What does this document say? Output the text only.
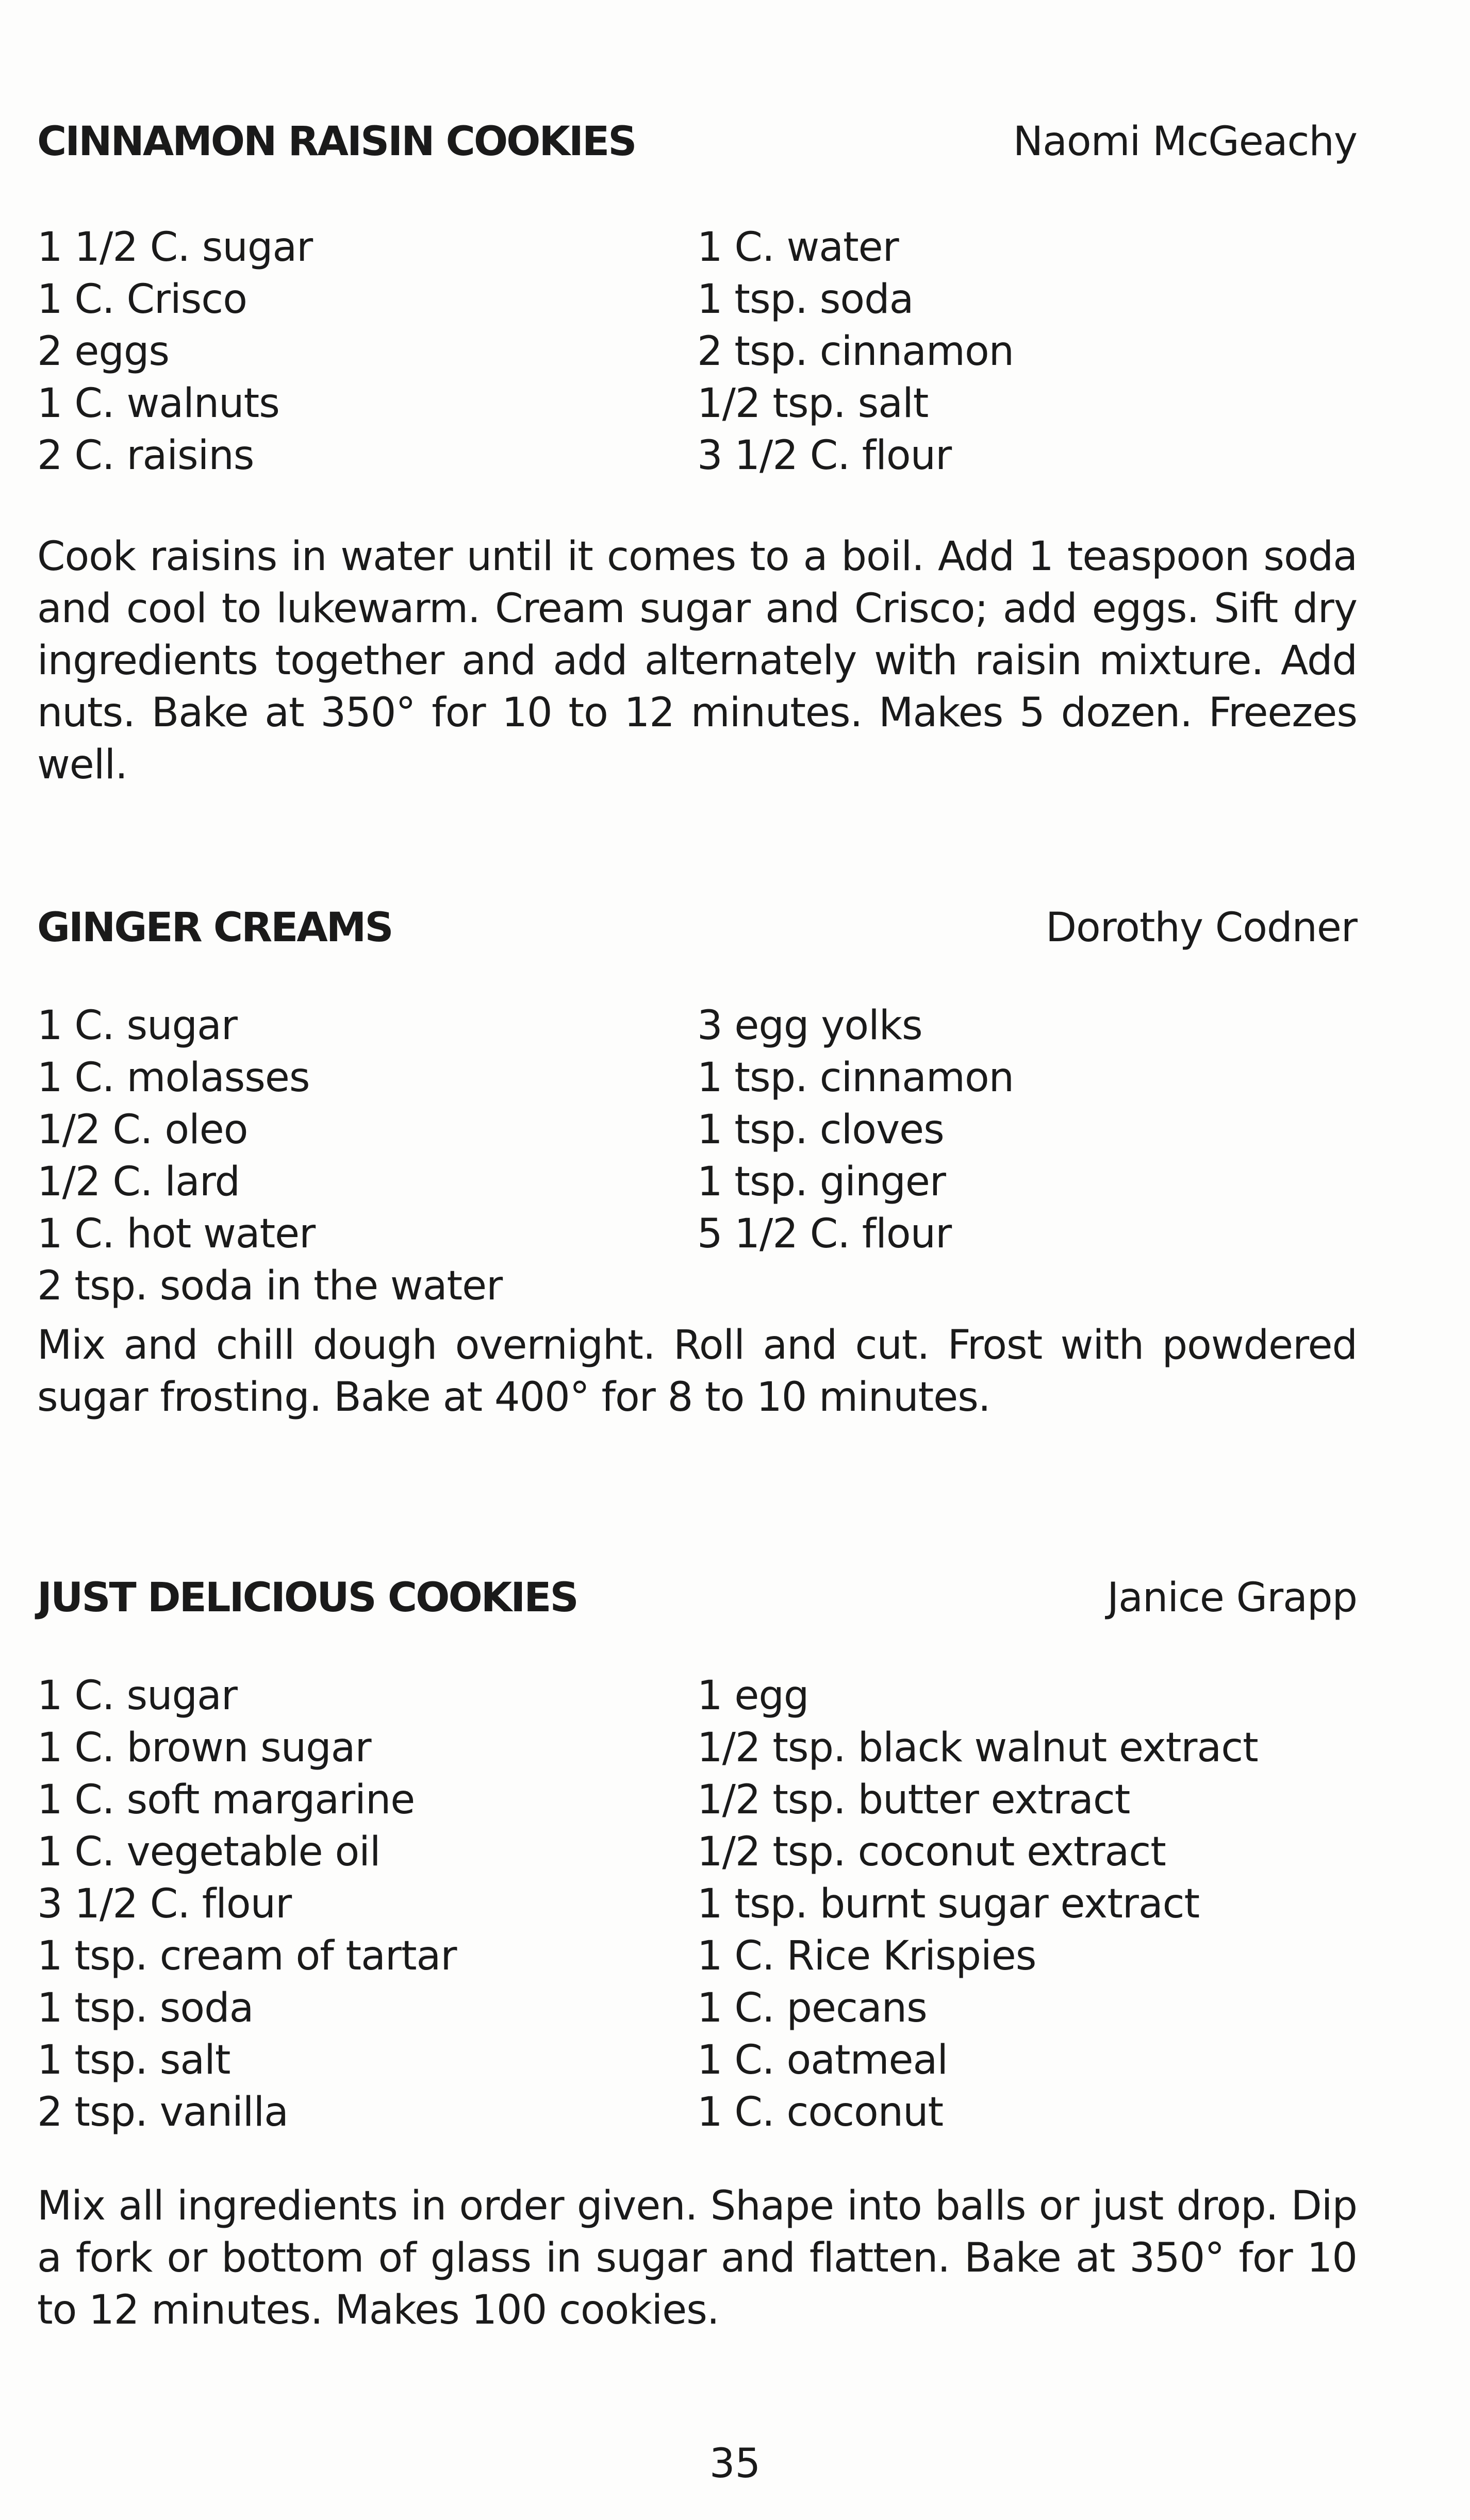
CINNAMON RAISIN COOKIES	Naomi McGeachy
1 1/2 C. sugar
1 C. Crisco
2 eggs
1 C. walnuts
2 C. raisins
1 C. water
1 tsp. soda
2 tsp. cinnamon
1/2 tsp. salt
3 1/2 C. flour
Cook raisins in water until it comes to a boil. Add 1 teaspoon soda and cool to lukewarm. Cream sugar and Crisco; add eggs. Sift dry ingredients together and add alternately with raisin mixture. Add nuts. Bake at 350° for 10 to 12 minutes. Makes 5 dozen. Freezes well.
GINGER CREAMS	Dorothy Codner
1 C. sugar
1 C. molasses
1/2 C. oleo
1/2 C. lard
1 C. hot water
2 tsp. soda in the water
3 egg yolks
1 tsp. cinnamon
1 tsp. cloves
1 tsp. ginger
5 1/2 C. flour
Mix and chill dough overnight. Roll and cut. Frost with powdered sugar frosting. Bake at 400° for 8 to 10 minutes.
JUST DELICIOUS COOKIES	Janice Grapp
1 C. sugar
1 C. brown sugar
1 C. soft margarine
1 C. vegetable oil
3 1/2 C. flour
1 tsp. cream of tartar
1 tsp. soda
1 tsp. salt
2 tsp. vanilla
1 egg
1/2 tsp. black walnut extract
1/2 tsp. butter extract
1/2 tsp. coconut extract
1 tsp. burnt sugar extract
1 C. Rice Krispies
1 C. pecans
1 C. oatmeal
1 C. coconut
Mix all ingredients in order given. Shape into balls or just drop. Dip a fork or bottom of glass in sugar and flatten. Bake at 350° for 10 to 12 minutes. Makes 100 cookies.
35
